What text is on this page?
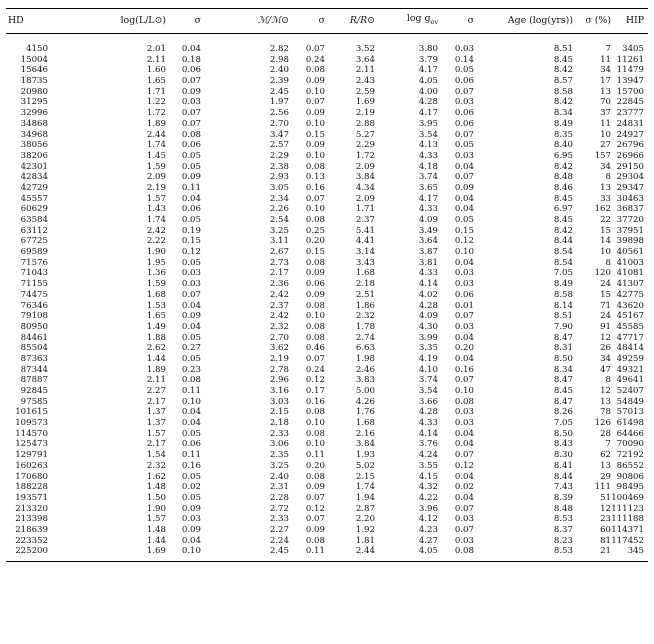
HD	log(L/L⊙)	σ	ℳ/ℳ⊙	σ	R/R⊙	$\log g_{ev}$	σ	Age (log(yrs))	σ (%)	HIP

4150	2.01	0.04	2.82	0.07	3.52	3.80	0.03	8.51	7	3405
15004	2.11	0.18	2.98	0.24	3.64	3.79	0.14	8.45	11	11261
15646	1.60	0.06	2.40	0.08	2.11	4.17	0.05	8.42	34	11479
18735	1.65	0.07	2.39	0.09	2.43	4.05	0.06	8.57	17	13947
20980	1.71	0.09	2.45	0.10	2.59	4.00	0.07	8.58	13	15700
31295	1.22	0.03	1.97	0.07	1.69	4.28	0.03	8.42	70	22845
32996	1.72	0.07	2.56	0.09	2.19	4.17	0.06	8.34	37	23777
34868	1.89	0.07	2.70	0.10	2.88	3.95	0.06	8.49	11	24831
34968	2.44	0.08	3.47	0.15	5.27	3.54	0.07	8.35	10	24927
38056	1.74	0.06	2.57	0.09	2.29	4.13	0.05	8.40	27	26796
38206	1.45	0.05	2.29	0.10	1.72	4.33	0.03	6.95	157	26966
42301	1.59	0.05	2.38	0.08	2.09	4.18	0.04	8.42	34	29150
42834	2.09	0.09	2.93	0.13	3.84	3.74	0.07	8.48	8	29304
42729	2.19	0.11	3.05	0.16	4.34	3.65	0.09	8.46	13	29347
45557	1.57	0.04	2.34	0.07	2.09	4.17	0.04	8.45	33	30463
60629	1.43	0.06	2.26	0.10	1.71	4.33	0.04	6.97	162	36837
63584	1.74	0.05	2.54	0.08	2.37	4.09	0.05	8.45	22	37720
63112	2.42	0.19	3.25	0.25	5.41	3.49	0.15	8.42	15	37951
67725	2.22	0.15	3.11	0.20	4.41	3.64	0.12	8.44	14	39898
69589	1.90	0.12	2.67	0.15	3.14	3.87	0.10	8.54	10	40561
71576	1.95	0.05	2.73	0.08	3.43	3.81	0.04	8.54	8	41003
71043	1.36	0.03	2.17	0.09	1.68	4.33	0.03	7.05	120	41081
71155	1.59	0.03	2.36	0.06	2.18	4.14	0.03	8.49	24	41307
74475	1.68	0.07	2.42	0.09	2.51	4.02	0.06	8.58	15	42775
76346	1.53	0.04	2.37	0.08	1.86	4.28	0.01	8.14	71	43620
79108	1.65	0.09	2.42	0.10	2.32	4.09	0.07	8.51	24	45167
80950	1.49	0.04	2.32	0.08	1.78	4.30	0.03	7.90	91	45585
84461	1.88	0.05	2.70	0.08	2.74	3.99	0.04	8.47	12	47717
85504	2.62	0.27	3.62	0.46	6.63	3.35	0.20	8.31	26	48414
87363	1.44	0.05	2.19	0.07	1.98	4.19	0.04	8.50	34	49259
87344	1.89	0.23	2.78	0.24	2.46	4.10	0.16	8.34	47	49321
87887	2.11	0.08	2.96	0.12	3.83	3.74	0.07	8.47	8	49641
92845	2.27	0.11	3.16	0.17	5.00	3.54	0.10	8.45	12	52407
97585	2.17	0.10	3.03	0.16	4.26	3.66	0.08	8.47	13	54849
101615	1.37	0.04	2.15	0.08	1.76	4.28	0.03	8.26	78	57013
109573	1.37	0.04	2.18	0.10	1.68	4.33	0.03	7.05	126	61498
114570	1.57	0.05	2.33	0.08	2.16	4.14	0.04	8.50	28	64466
125473	2.17	0.06	3.06	0.10	3.84	3.76	0.04	8.43	7	70090
129791	1.54	0.11	2.35	0.11	1.93	4.24	0.07	8.30	62	72192
160263	2.32	0.16	3.25	0.20	5.02	3.55	0.12	8.41	13	86552
170680	1.62	0.05	2.40	0.08	2.15	4.15	0.04	8.44	29	90806
188228	1.48	0.02	2.31	0.09	1.74	4.32	0.02	7.43	111	98495
193571	1.50	0.05	2.28	0.07	1.94	4.22	0.04	8.39	51	100469
213320	1.90	0.09	2.72	0.12	2.87	3.96	0.07	8.48	12	111123
213398	1.57	0.03	2.33	0.07	2.20	4.12	0.03	8.53	23	111188
218639	1.48	0.09	2.27	0.09	1.92	4.23	0.07	8.37	60	114371
223352	1.44	0.04	2.24	0.08	1.81	4.27	0.03	8.23	81	117452
225200	1.69	0.10	2.45	0.11	2.44	4.05	0.08	8.53	21	345
